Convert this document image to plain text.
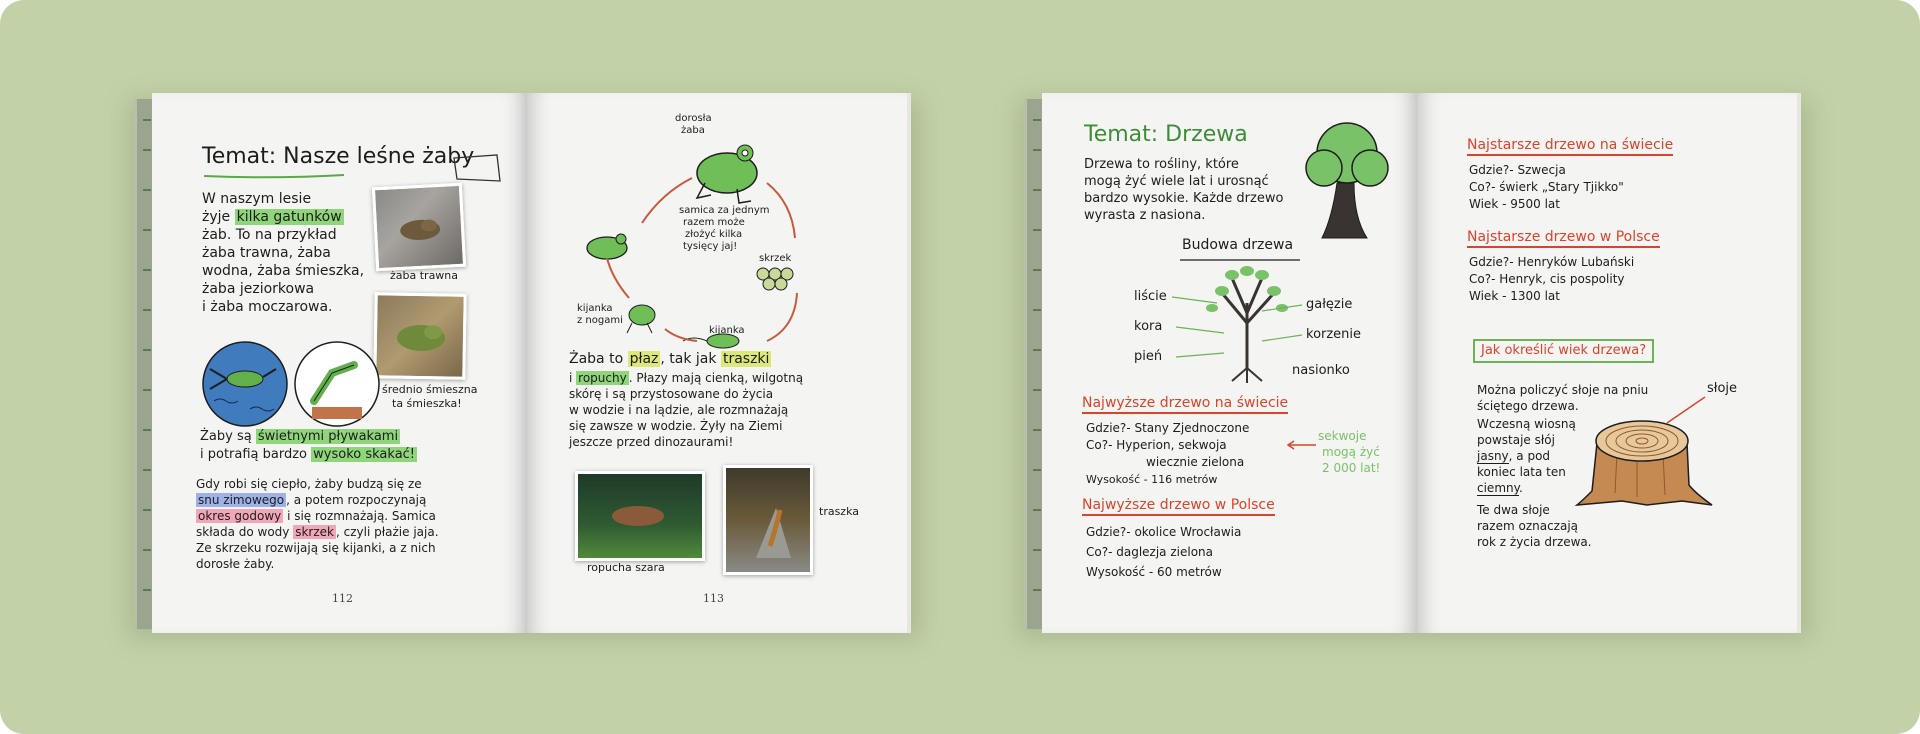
Temat: Nasze leśne żaby
W naszym lesie
żyje kilka gatunków
żab. To na przykład
żaba trawna, żaba
wodna, żaba śmieszka,
żaba jeziorkowa
i żaba moczarowa.
żaba trawna
średnio śmieszna
ta śmieszka!
Żaby są świetnymi pływakami
i potrafią bardzo wysoko skakać!
Gdy robi się ciepło, żaby budzą się ze
snu zimowego , a potem rozpoczynają
okres godowy i się rozmnażają. Samica
składa do wody skrzek , czyli płażie jaja.
Ze skrzeku rozwijają się kijanki, a z nich
dorosłe żaby.
112
dorosła
żaba
samica za jednym
razem może
złożyć kilka
tysięcy jaj!
skrzek
kijanka
kijanka
z nogami
Żaba to płaz , tak jak traszki
i ropuchy . Płazy mają cienką, wilgotną
skórę i są przystosowane do życia
w wodzie i na lądzie, ale rozmnażają
się zawsze w wodzie. Żyły na Ziemi
jeszcze przed dinozaurami!
ropucha szara
traszka
113
Temat: Drzewa
Drzewa to rośliny, które
mogą żyć wiele lat i urosnąć
bardzo wysokie. Każde drzewo
wyrasta z nasiona.
Budowa drzewa
liście
kora
pień
gałęzie
korzenie
nasionko
Najwyższe drzewo na świecie
Gdzie?- Stany Zjednoczone
Co?- Hyperion, sekwoja
wiecznie zielona
Wysokość - 116 metrów
sekwoje
mogą żyć
2 000 lat!
Najwyższe drzewo w Polsce
Gdzie?- okolice Wrocławia
Co?- daglezja zielona
Wysokość - 60 metrów
Najstarsze drzewo na świecie
Gdzie?- Szwecja
Co?- świerk „Stary Tjikko"
Wiek - 9500 lat
Najstarsze drzewo w Polsce
Gdzie?- Henryków Lubański
Co?- Henryk, cis pospolity
Wiek - 1300 lat
Jak określić wiek drzewa?
Można policzyć słoje na pniu
ściętego drzewa.
Wczesną wiosną
powstaje słój
jasny, a pod
koniec lata ten
ciemny.
Te dwa słoje
razem oznaczają
rok z życia drzewa.
słoje
